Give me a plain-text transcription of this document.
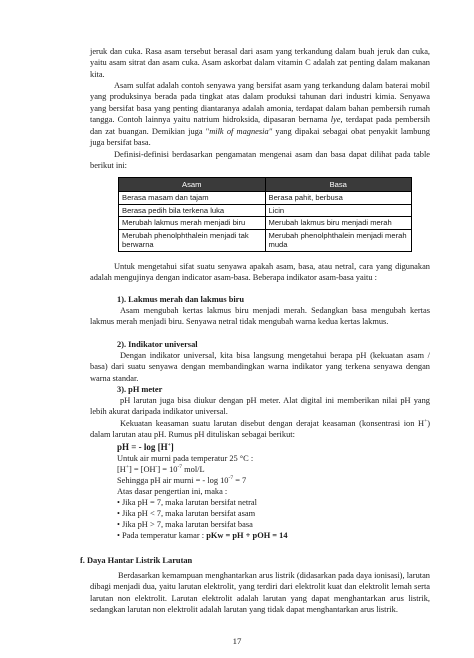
jeruk dan cuka. Rasa asam tersebut berasal dari asam yang terkandung dalam buah jeruk dan cuka, yaitu asam sitrat dan asam cuka. Asam askorbat dalam vitamin C adalah zat penting dalam makanan kita.

Asam sulfat adalah contoh senyawa yang bersifat asam yang terkandung dalam baterai mobil yang produksinya berada pada tingkat atas dalam produksi tahunan dari industri kimia. Senyawa yang bersifat basa yang penting diantaranya adalah amonia, terdapat dalam bahan pembersih rumah tangga. Contoh lainnya yaitu natrium hidroksida, dipasaran bernama lye, terdapat pada pembersih dan zat buangan. Demikian juga "milk of magnesia" yang dipakai sebagai obat penyakit lambung juga bersifat basa.

Definisi-definisi berdasarkan pengamatan mengenai asam dan basa dapat dilihat pada table berikut ini:

Asam	Basa
Berasa masam dan tajam	Berasa pahit, berbusa
Berasa pedih bila terkena luka	Licin
Merubah lakmus merah menjadi biru	Merubah lakmus biru menjadi merah
Merubah phenolphthalein menjadi tak berwarna	Merubah phenolphthalein menjadi merah muda

Untuk mengetahui sifat suatu senyawa apakah asam, basa, atau netral, cara yang digunakan adalah mengujinya dengan indicator asam-basa. Beberapa indikator asam-basa yaitu :

1). Lakmus merah dan lakmus biru

Asam mengubah kertas lakmus biru menjadi merah. Sedangkan basa mengubah kertas lakmus merah menjadi biru. Senyawa netral tidak mengubah warna kedua kertas lakmus.

2). Indikator universal

Dengan indikator universal, kita bisa langsung mengetahui berapa pH (kekuatan asam / basa) dari suatu senyawa dengan membandingkan warna indikator yang terkena senyawa dengan warna standar.

3). pH meter

pH larutan juga bisa diukur dengan pH meter. Alat digital ini memberikan nilai pH yang lebih akurat daripada indikator universal.

Kekuatan keasaman suatu larutan disebut dengan derajat keasaman (konsentrasi ion H+) dalam larutan atau pH. Rumus pH dituliskan sebagai berikut:

pH = - log [H+]

Untuk air murni pada temperatur 25 °C :

$[H^+] = [OH^-] = 10^{-7}$ mol/L

Sehingga pH air murni = - $\log 10^{-7} = 7$

Atas dasar pengertian ini, maka :

• Jika pH = 7, maka larutan bersifat netral

• Jika pH < 7, maka larutan bersifat asam

• Jika pH > 7, maka larutan bersifat basa

• Pada temperatur kamar : pKw = pH + pOH = 14

f. Daya Hantar Listrik Larutan

Berdasarkan kemampuan menghantarkan arus listrik (didasarkan pada daya ionisasi), larutan dibagi menjadi dua, yaitu larutan elektrolit, yang terdiri dari elektrolit kuat dan elektrolit lemah serta larutan non elektrolit. Larutan elektrolit adalah larutan yang dapat menghantarkan arus listrik, sedangkan larutan non elektrolit adalah larutan yang tidak dapat menghantarkan arus listrik.

17
